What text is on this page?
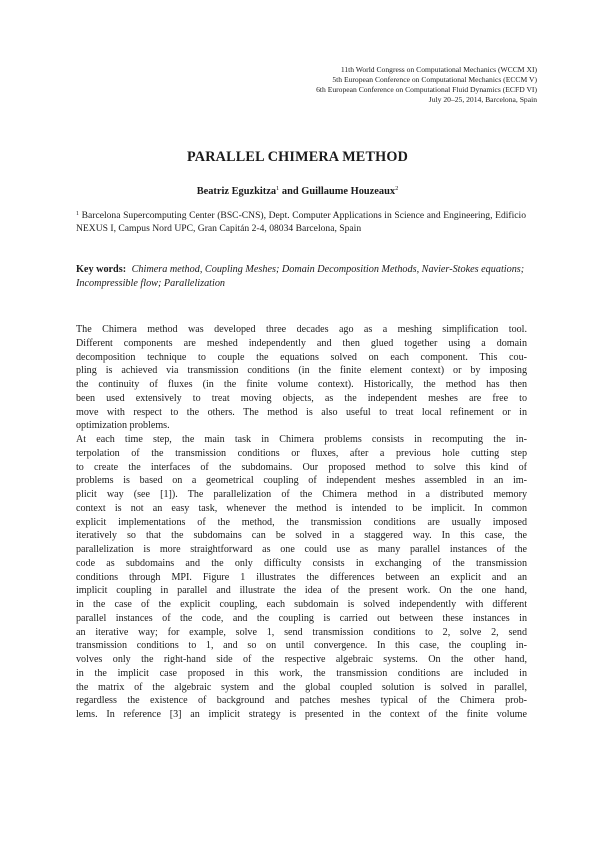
11th World Congress on Computational Mechanics (WCCM XI)
5th European Conference on Computational Mechanics (ECCM V)
6th European Conference on Computational Fluid Dynamics (ECFD VI)
July 20–25, 2014, Barcelona, Spain
PARALLEL CHIMERA METHOD
Beatriz Eguzkitza$^1$ and Guillaume Houzeaux$^2$
$^1$ Barcelona Supercomputing Center (BSC-CNS), Dept. Computer Applications in Science and Engineering, Edificio NEXUS I, Campus Nord UPC, Gran Capitán 2-4, 08034 Barcelona, Spain
Key words: Chimera method, Coupling Meshes; Domain Decomposition Methods, Navier-Stokes equations; Incompressible flow; Parallelization
The Chimera method was developed three decades ago as a meshing simplification tool.
Different components are meshed independently and then glued together using a domain
decomposition technique to couple the equations solved on each component. This cou-
pling is achieved via transmission conditions (in the finite element context) or by imposing
the continuity of fluxes (in the finite volume context). Historically, the method has then
been used extensively to treat moving objects, as the independent meshes are free to
move with respect to the others. The method is also useful to treat local refinement or in
optimization problems.
At each time step, the main task in Chimera problems consists in recomputing the in-
terpolation of the transmission conditions or fluxes, after a previous hole cutting step
to create the interfaces of the subdomains. Our proposed method to solve this kind of
problems is based on a geometrical coupling of independent meshes assembled in an im-
plicit way (see [1]). The parallelization of the Chimera method in a distributed memory
context is not an easy task, whenever the method is intended to be implicit. In common
explicit implementations of the method, the transmission conditions are usually imposed
iteratively so that the subdomains can be solved in a staggered way. In this case, the
parallelization is more straightforward as one could use as many parallel instances of the
code as subdomains and the only difficulty consists in exchanging of the transmission
conditions through MPI. Figure 1 illustrates the differences between an explicit and an
implicit coupling in parallel and illustrate the idea of the present work. On the one hand,
in the case of the explicit coupling, each subdomain is solved independently with different
parallel instances of the code, and the coupling is carried out between these instances in
an iterative way; for example, solve 1, send transmission conditions to 2, solve 2, send
transmission conditions to 1, and so on until convergence. In this case, the coupling in-
volves only the right-hand side of the respective algebraic systems. On the other hand,
in the implicit case proposed in this work, the transmission conditions are included in
the matrix of the algebraic system and the global coupled solution is solved in parallel,
regardless the existence of background and patches meshes typical of the Chimera prob-
lems. In reference [3] an implicit strategy is presented in the context of the finite volume
